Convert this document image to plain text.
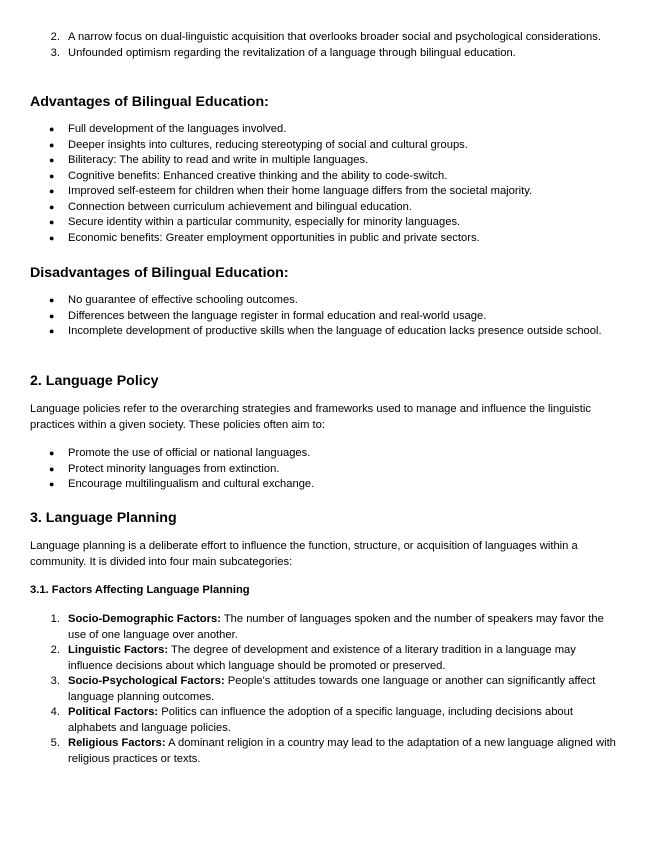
2. A narrow focus on dual-linguistic acquisition that overlooks broader social and psychological considerations.
3. Unfounded optimism regarding the revitalization of a language through bilingual education.
Advantages of Bilingual Education:
●	Full development of the languages involved.
●	Deeper insights into cultures, reducing stereotyping of social and cultural groups.
●	Biliteracy: The ability to read and write in multiple languages.
●	Cognitive benefits: Enhanced creative thinking and the ability to code-switch.
●	Improved self-esteem for children when their home language differs from the societal majority.
●	Connection between curriculum achievement and bilingual education.
●	Secure identity within a particular community, especially for minority languages.
●	Economic benefits: Greater employment opportunities in public and private sectors.
Disadvantages of Bilingual Education:
●	No guarantee of effective schooling outcomes.
●	Differences between the language register in formal education and real-world usage.
●	Incomplete development of productive skills when the language of education lacks presence outside school.
2. Language Policy

Language policies refer to the overarching strategies and frameworks used to manage and influence the linguistic practices within a given society. These policies often aim to:

●	Promote the use of official or national languages.
●	Protect minority languages from extinction.
●	Encourage multilingualism and cultural exchange.
3. Language Planning

Language planning is a deliberate effort to influence the function, structure, or acquisition of languages within a community. It is divided into four main subcategories:

3.1. Factors Affecting Language Planning
1. Socio-Demographic Factors: The number of languages spoken and the number of speakers may favor the use of one language over another.
2. Linguistic Factors: The degree of development and existence of a literary tradition in a language may influence decisions about which language should be promoted or preserved.
3. Socio-Psychological Factors: People's attitudes towards one language or another can significantly affect language planning outcomes.
4. Political Factors: Politics can influence the adoption of a specific language, including decisions about alphabets and language policies.
5. Religious Factors: A dominant religion in a country may lead to the adaptation of a new language aligned with religious practices or texts.
